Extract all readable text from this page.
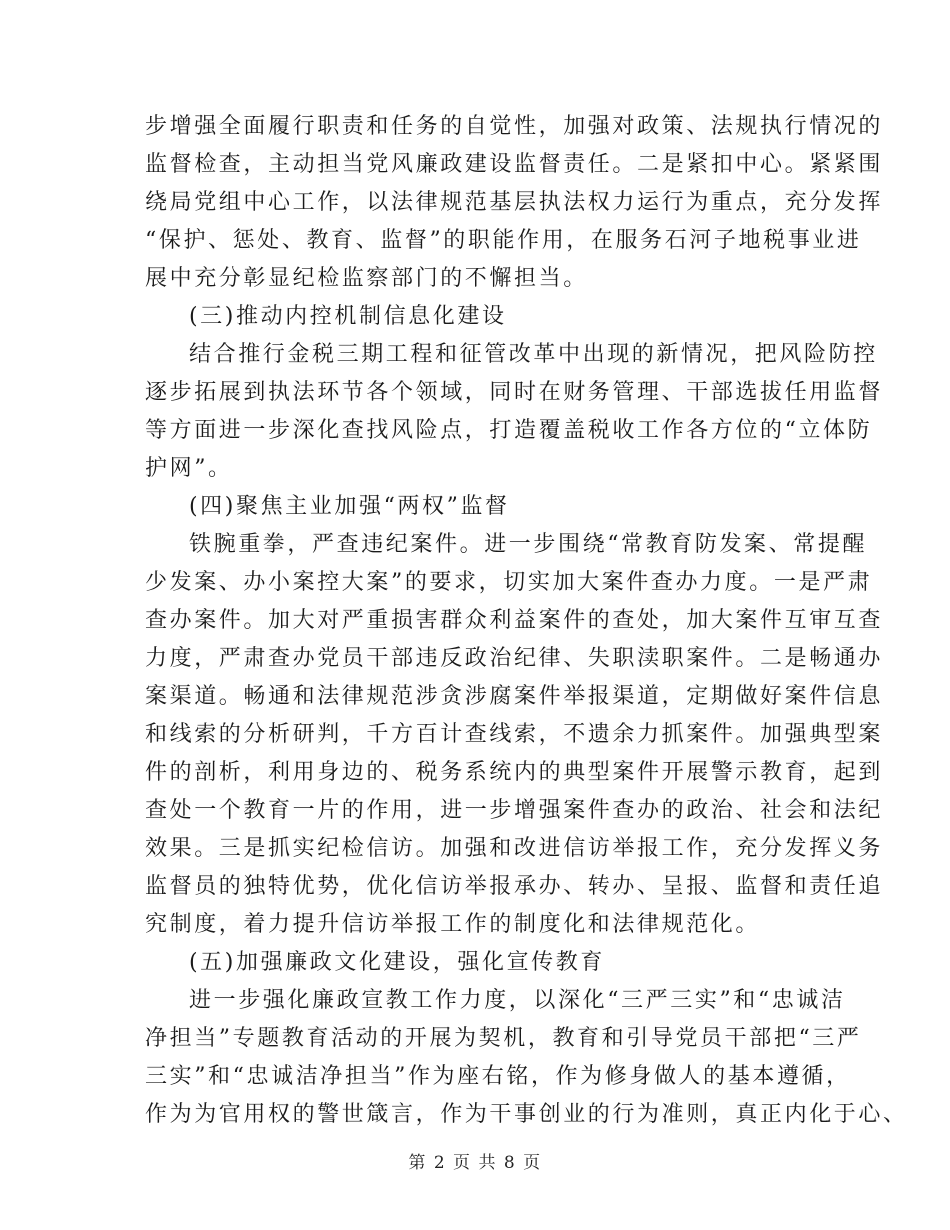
步增强全面履行职责和任务的自觉性，加强对政策、法规执行情况的
监督检查，主动担当党风廉政建设监督责任。二是紧扣中心。紧紧围
绕局党组中心工作，以法律规范基层执法权力运行为重点，充分发挥
“保护、惩处、教育、监督”的职能作用，在服务石河子地税事业进
展中充分彰显纪检监察部门的不懈担当。
(三)推动内控机制信息化建设
结合推行金税三期工程和征管改革中出现的新情况，把风险防控
逐步拓展到执法环节各个领域，同时在财务管理、干部选拔任用监督
等方面进一步深化查找风险点，打造覆盖税收工作各方位的“立体防
护网”。
(四)聚焦主业加强“两权”监督
铁腕重拳，严查违纪案件。进一步围绕“常教育防发案、常提醒
少发案、办小案控大案”的要求，切实加大案件查办力度。一是严肃
查办案件。加大对严重损害群众利益案件的查处，加大案件互审互查
力度，严肃查办党员干部违反政治纪律、失职渎职案件。二是畅通办
案渠道。畅通和法律规范涉贪涉腐案件举报渠道，定期做好案件信息
和线索的分析研判，千方百计查线索，不遗余力抓案件。加强典型案
件的剖析，利用身边的、税务系统内的典型案件开展警示教育，起到
查处一个教育一片的作用，进一步增强案件查办的政治、社会和法纪
效果。三是抓实纪检信访。加强和改进信访举报工作，充分发挥义务
监督员的独特优势，优化信访举报承办、转办、呈报、监督和责任追
究制度，着力提升信访举报工作的制度化和法律规范化。
(五)加强廉政文化建设，强化宣传教育
进一步强化廉政宣教工作力度，以深化“三严三实”和“忠诚洁
净担当”专题教育活动的开展为契机，教育和引导党员干部把“三严
三实”和“忠诚洁净担当”作为座右铭，作为修身做人的基本遵循，
作为为官用权的警世箴言，作为干事创业的行为准则，真正内化于心、
第 2 页 共 8 页
